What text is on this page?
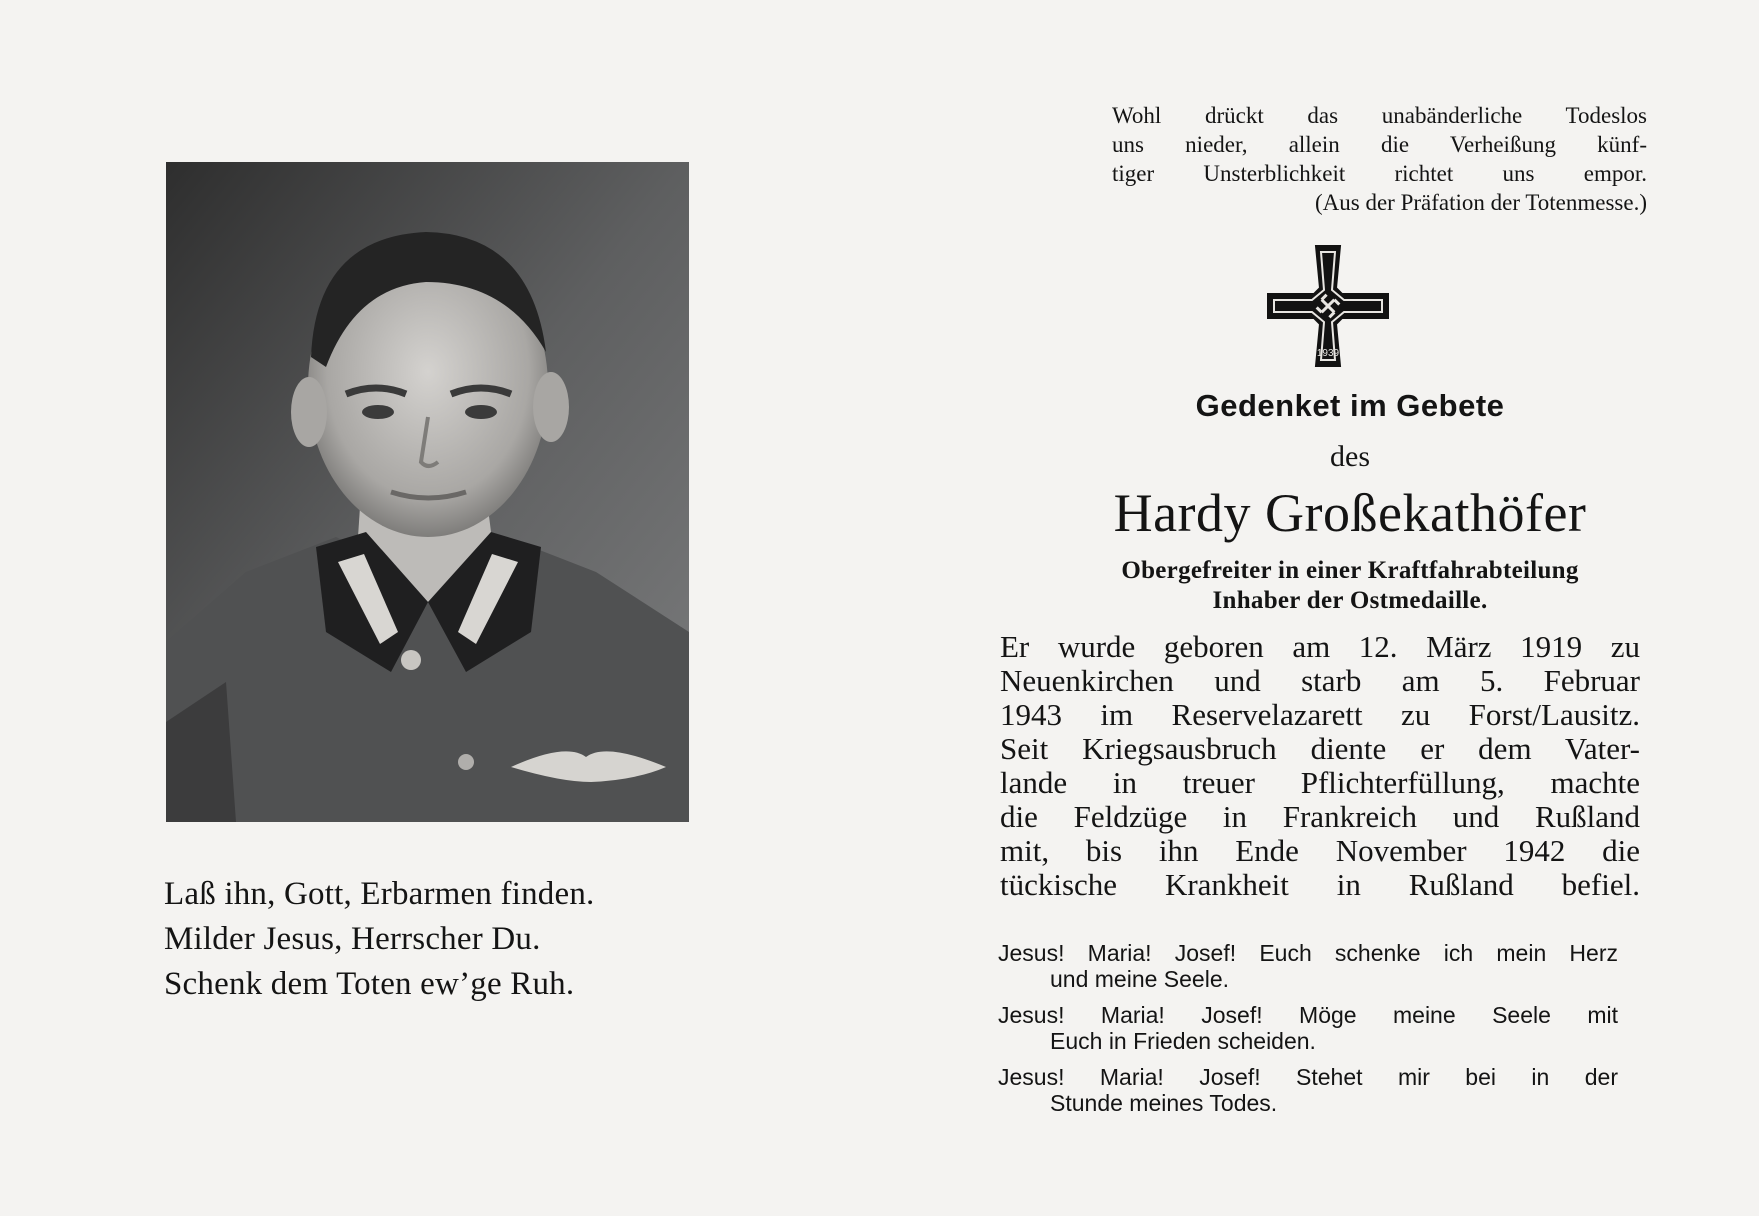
Laß ihn, Gott, Erbarmen finden.
Milder Jesus, Herrscher Du.
Schenk dem Toten ew’ge Ruh.
Wohl drückt das unabänderliche Todeslos
uns nieder, allein die Verheißung künf-
tiger Unsterblichkeit richtet uns empor.
(Aus der Präfation der Totenmesse.)
1939
Gedenket im Gebete
des
Hardy Großekathöfer
Obergefreiter in einer Kraftfahrabteilung
Inhaber der Ostmedaille.
Er wurde geboren am 12. März 1919 zu
Neuenkirchen und starb am 5. Februar
1943 im Reservelazarett zu Forst/Lausitz.
Seit Kriegsausbruch diente er dem Vater-
lande in treuer Pflichterfüllung, machte
die Feldzüge in Frankreich und Rußland
mit, bis ihn Ende November 1942 die
tückische Krankheit in Rußland befiel.
Jesus! Maria! Josef! Euch schenke ich mein Herz
und meine Seele.
Jesus! Maria! Josef! Möge meine Seele mit
Euch in Frieden scheiden.
Jesus! Maria! Josef! Stehet mir bei in der
Stunde meines Todes.
